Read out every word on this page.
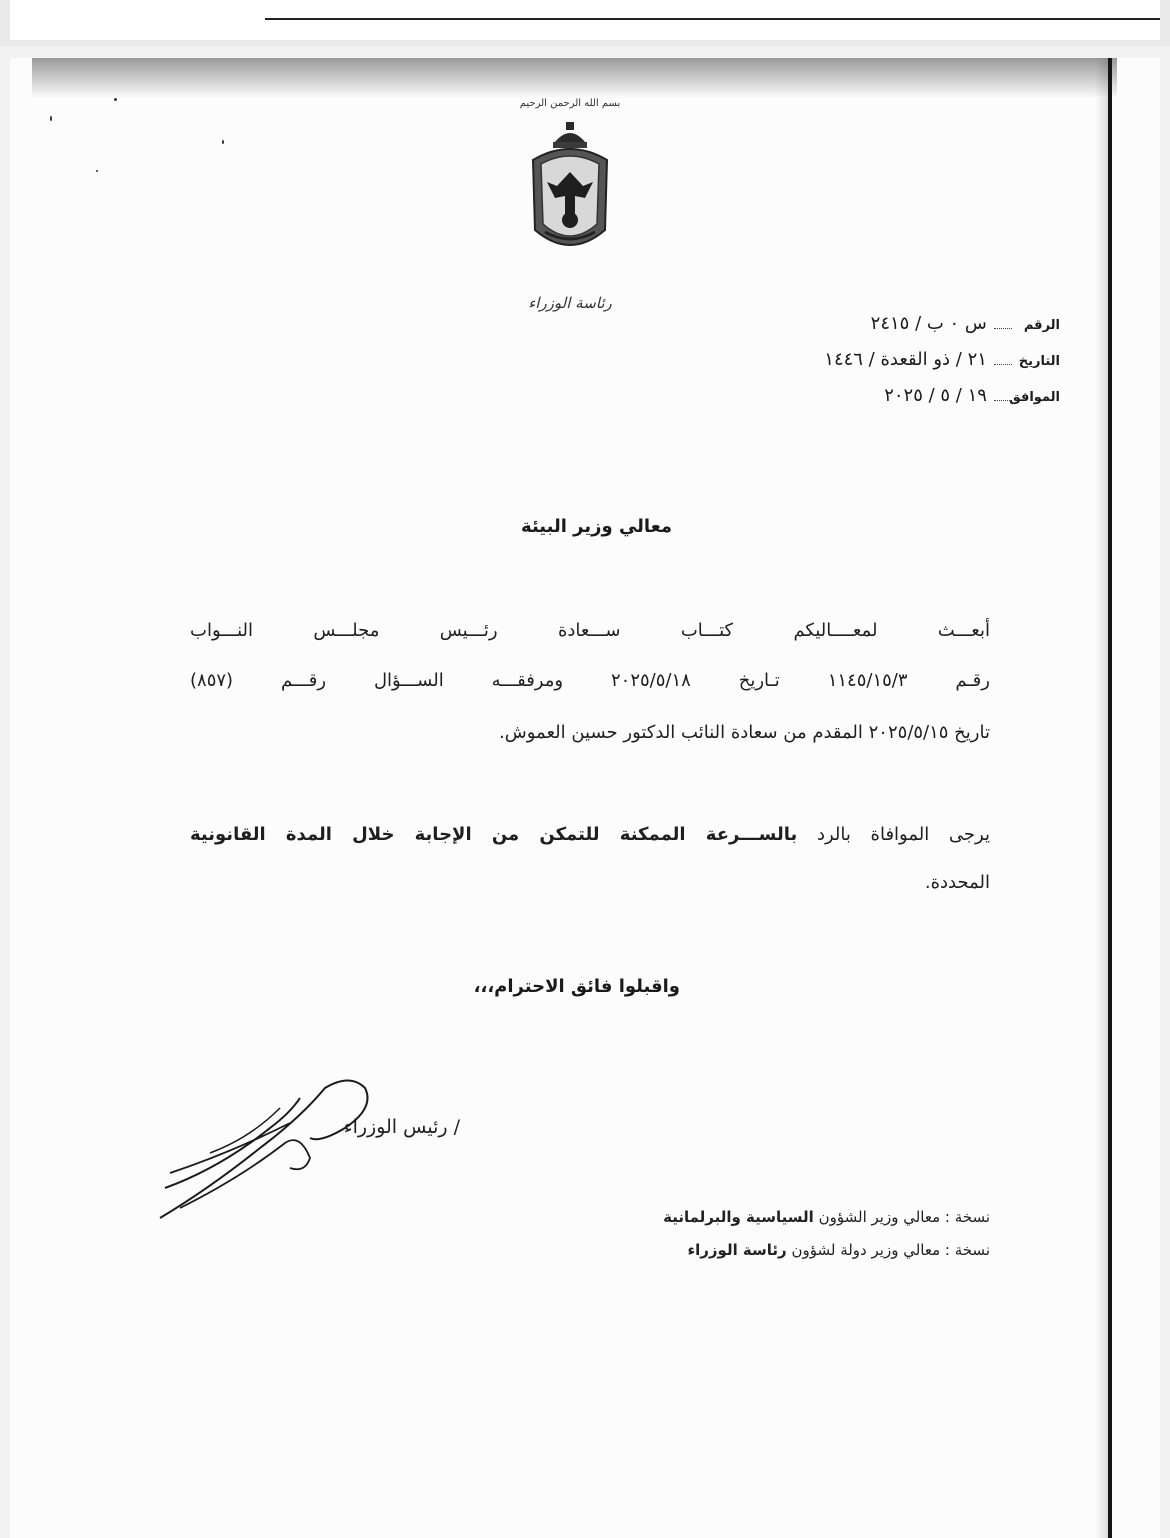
بسم الله الرحمن الرحيم
رئاسة الوزراء
الرقم س ٠ ب / ٢٤١٥
التاريخ ٢١ / ذو القعدة / ١٤٤٦
الموافق ١٩ / ٥ / ٢٠٢٥
معالي وزير البيئة
أبعـــث لمعــــاليكم كتـــاب ســـعادة رئـــيس مجلـــس النـــواب
رقـم ١١٤٥/١٥/٣ تـاريخ ٢٠٢٥/٥/١٨ ومرفقـــه الســـؤال رقـــم (٨٥٧)
تاريخ ٢٠٢٥/٥/١٥ المقدم من سعادة النائب الدكتور حسين العموش.
يرجى الموافاة بالرد بالســـرعة الممكنة للتمكن من الإجابة خلال المدة القانونية
المحددة.
واقبلوا فائق الاحترام،،،
/ رئيس الوزراء
نسخة : معالي وزير الشؤون السياسية والبرلمانية
نسخة : معالي وزير دولة لشؤون رئاسة الوزراء
